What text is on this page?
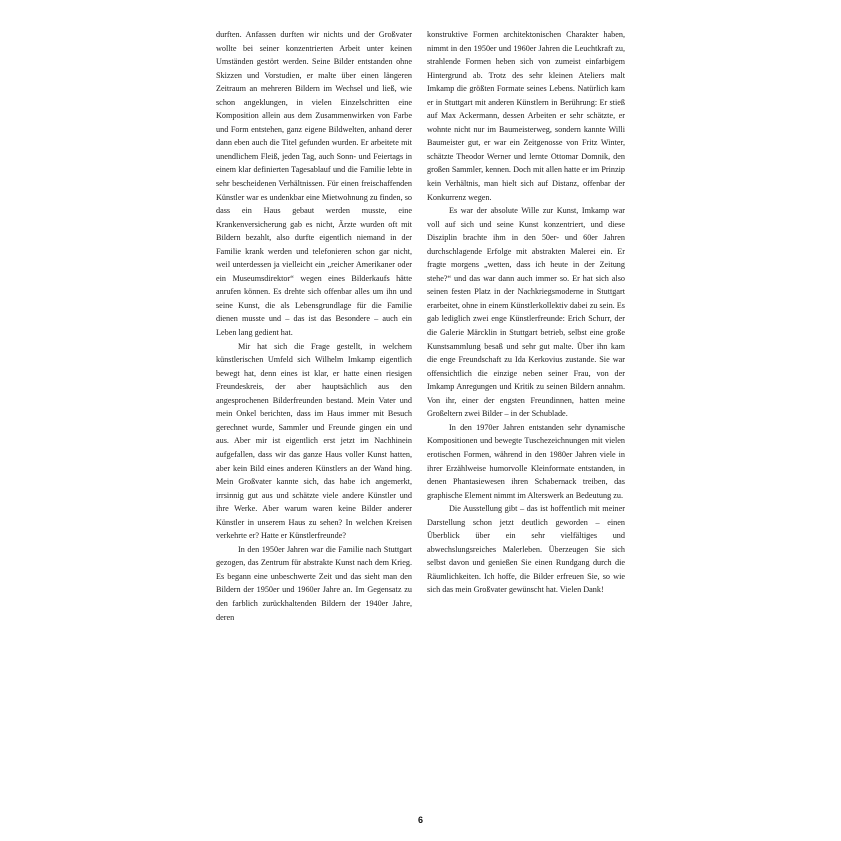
durften. Anfassen durften wir nichts und der Großvater wollte bei seiner konzentrierten Arbeit unter keinen Umständen gestört werden. Seine Bilder entstanden ohne Skizzen und Vorstudien, er malte über einen längeren Zeitraum an mehreren Bildern im Wechsel und ließ, wie schon angeklungen, in vielen Einzelschritten eine Komposition allein aus dem Zusammenwirken von Farbe und Form entstehen, ganz eigene Bildwelten, anhand derer dann eben auch die Titel gefunden wurden. Er arbeitete mit unendlichem Fleiß, jeden Tag, auch Sonn- und Feiertags in einem klar definierten Tagesablauf und die Familie lebte in sehr bescheidenen Verhältnissen. Für einen freischaffenden Künstler war es undenkbar eine Mietwohnung zu finden, so dass ein Haus gebaut werden musste, eine Krankenversicherung gab es nicht, Ärzte wurden oft mit Bildern bezahlt, also durfte eigentlich niemand in der Familie krank werden und telefonieren schon gar nicht, weil unterdessen ja vielleicht ein „reicher Amerikaner oder ein Museumsdirektor“ wegen eines Bilderkaufs hätte anrufen können. Es drehte sich offenbar alles um ihn und seine Kunst, die als Lebensgrundlage für die Familie dienen musste und – das ist das Besondere – auch ein Leben lang gedient hat.

Mir hat sich die Frage gestellt, in welchem künstlerischen Umfeld sich Wilhelm Imkamp eigentlich bewegt hat, denn eines ist klar, er hatte einen riesigen Freundeskreis, der aber hauptsächlich aus den angesprochenen Bilderfreunden bestand. Mein Vater und mein Onkel berichten, dass im Haus immer mit Besuch gerechnet wurde, Sammler und Freunde gingen ein und aus. Aber mir ist eigentlich erst jetzt im Nachhinein aufgefallen, dass wir das ganze Haus voller Kunst hatten, aber kein Bild eines anderen Künstlers an der Wand hing. Mein Großvater kannte sich, das habe ich angemerkt, irrsinnig gut aus und schätzte viele andere Künstler und ihre Werke. Aber warum waren keine Bilder anderer Künstler in unserem Haus zu sehen? In welchen Kreisen verkehrte er? Hatte er Künstlerfreunde?

In den 1950er Jahren war die Familie nach Stuttgart gezogen, das Zentrum für abstrakte Kunst nach dem Krieg. Es begann eine unbeschwerte Zeit und das sieht man den Bildern der 1950er und 1960er Jahre an. Im Gegensatz zu den farblich zurückhaltenden Bildern der 1940er Jahre, deren

konstruktive Formen architektonischen Charakter haben, nimmt in den 1950er und 1960er Jahren die Leuchtkraft zu, strahlende Formen heben sich von zumeist einfarbigem Hintergrund ab. Trotz des sehr kleinen Ateliers malt Imkamp die größten Formate seines Lebens. Natürlich kam er in Stuttgart mit anderen Künstlern in Berührung: Er stieß auf Max Ackermann, dessen Arbeiten er sehr schätzte, er wohnte nicht nur im Baumeisterweg, sondern kannte Willi Baumeister gut, er war ein Zeitgenosse von Fritz Winter, schätzte Theodor Werner und lernte Ottomar Domnik, den großen Sammler, kennen. Doch mit allen hatte er im Prinzip kein Verhältnis, man hielt sich auf Distanz, offenbar der Konkurrenz wegen.

Es war der absolute Wille zur Kunst, Imkamp war voll auf sich und seine Kunst konzentriert, und diese Disziplin brachte ihm in den 50er- und 60er Jahren durchschlagende Erfolge mit abstrakten Malerei ein. Er fragte morgens „wetten, dass ich heute in der Zeitung stehe?“ und das war dann auch immer so. Er hat sich also seinen festen Platz in der Nachkriegsmoderne in Stuttgart erarbeitet, ohne in einem Künstlerkollektiv dabei zu sein. Es gab lediglich zwei enge Künstlerfreunde: Erich Schurr, der die Galerie Märcklin in Stuttgart betrieb, selbst eine große Kunstsammlung besaß und sehr gut malte. Über ihn kam die enge Freundschaft zu Ida Kerkovius zustande. Sie war offensichtlich die einzige neben seiner Frau, von der Imkamp Anregungen und Kritik zu seinen Bildern annahm. Von ihr, einer der engsten Freundinnen, hatten meine Großeltern zwei Bilder – in der Schublade.

In den 1970er Jahren entstanden sehr dynamische Kompositionen und bewegte Tuschezeichnungen mit vielen erotischen Formen, während in den 1980er Jahren viele in ihrer Erzählweise humorvolle Kleinformate entstanden, in denen Phantasiewesen ihren Schabernack treiben, das graphische Element nimmt im Alterswerk an Bedeutung zu.

Die Ausstellung gibt – das ist hoffentlich mit meiner Darstellung schon jetzt deutlich geworden – einen Überblick über ein sehr vielfältiges und abwechslungsreiches Malerleben. Überzeugen Sie sich selbst davon und genießen Sie einen Rundgang durch die Räumlichkeiten. Ich hoffe, die Bilder erfreuen Sie, so wie sich das mein Großvater gewünscht hat. Vielen Dank!

6
